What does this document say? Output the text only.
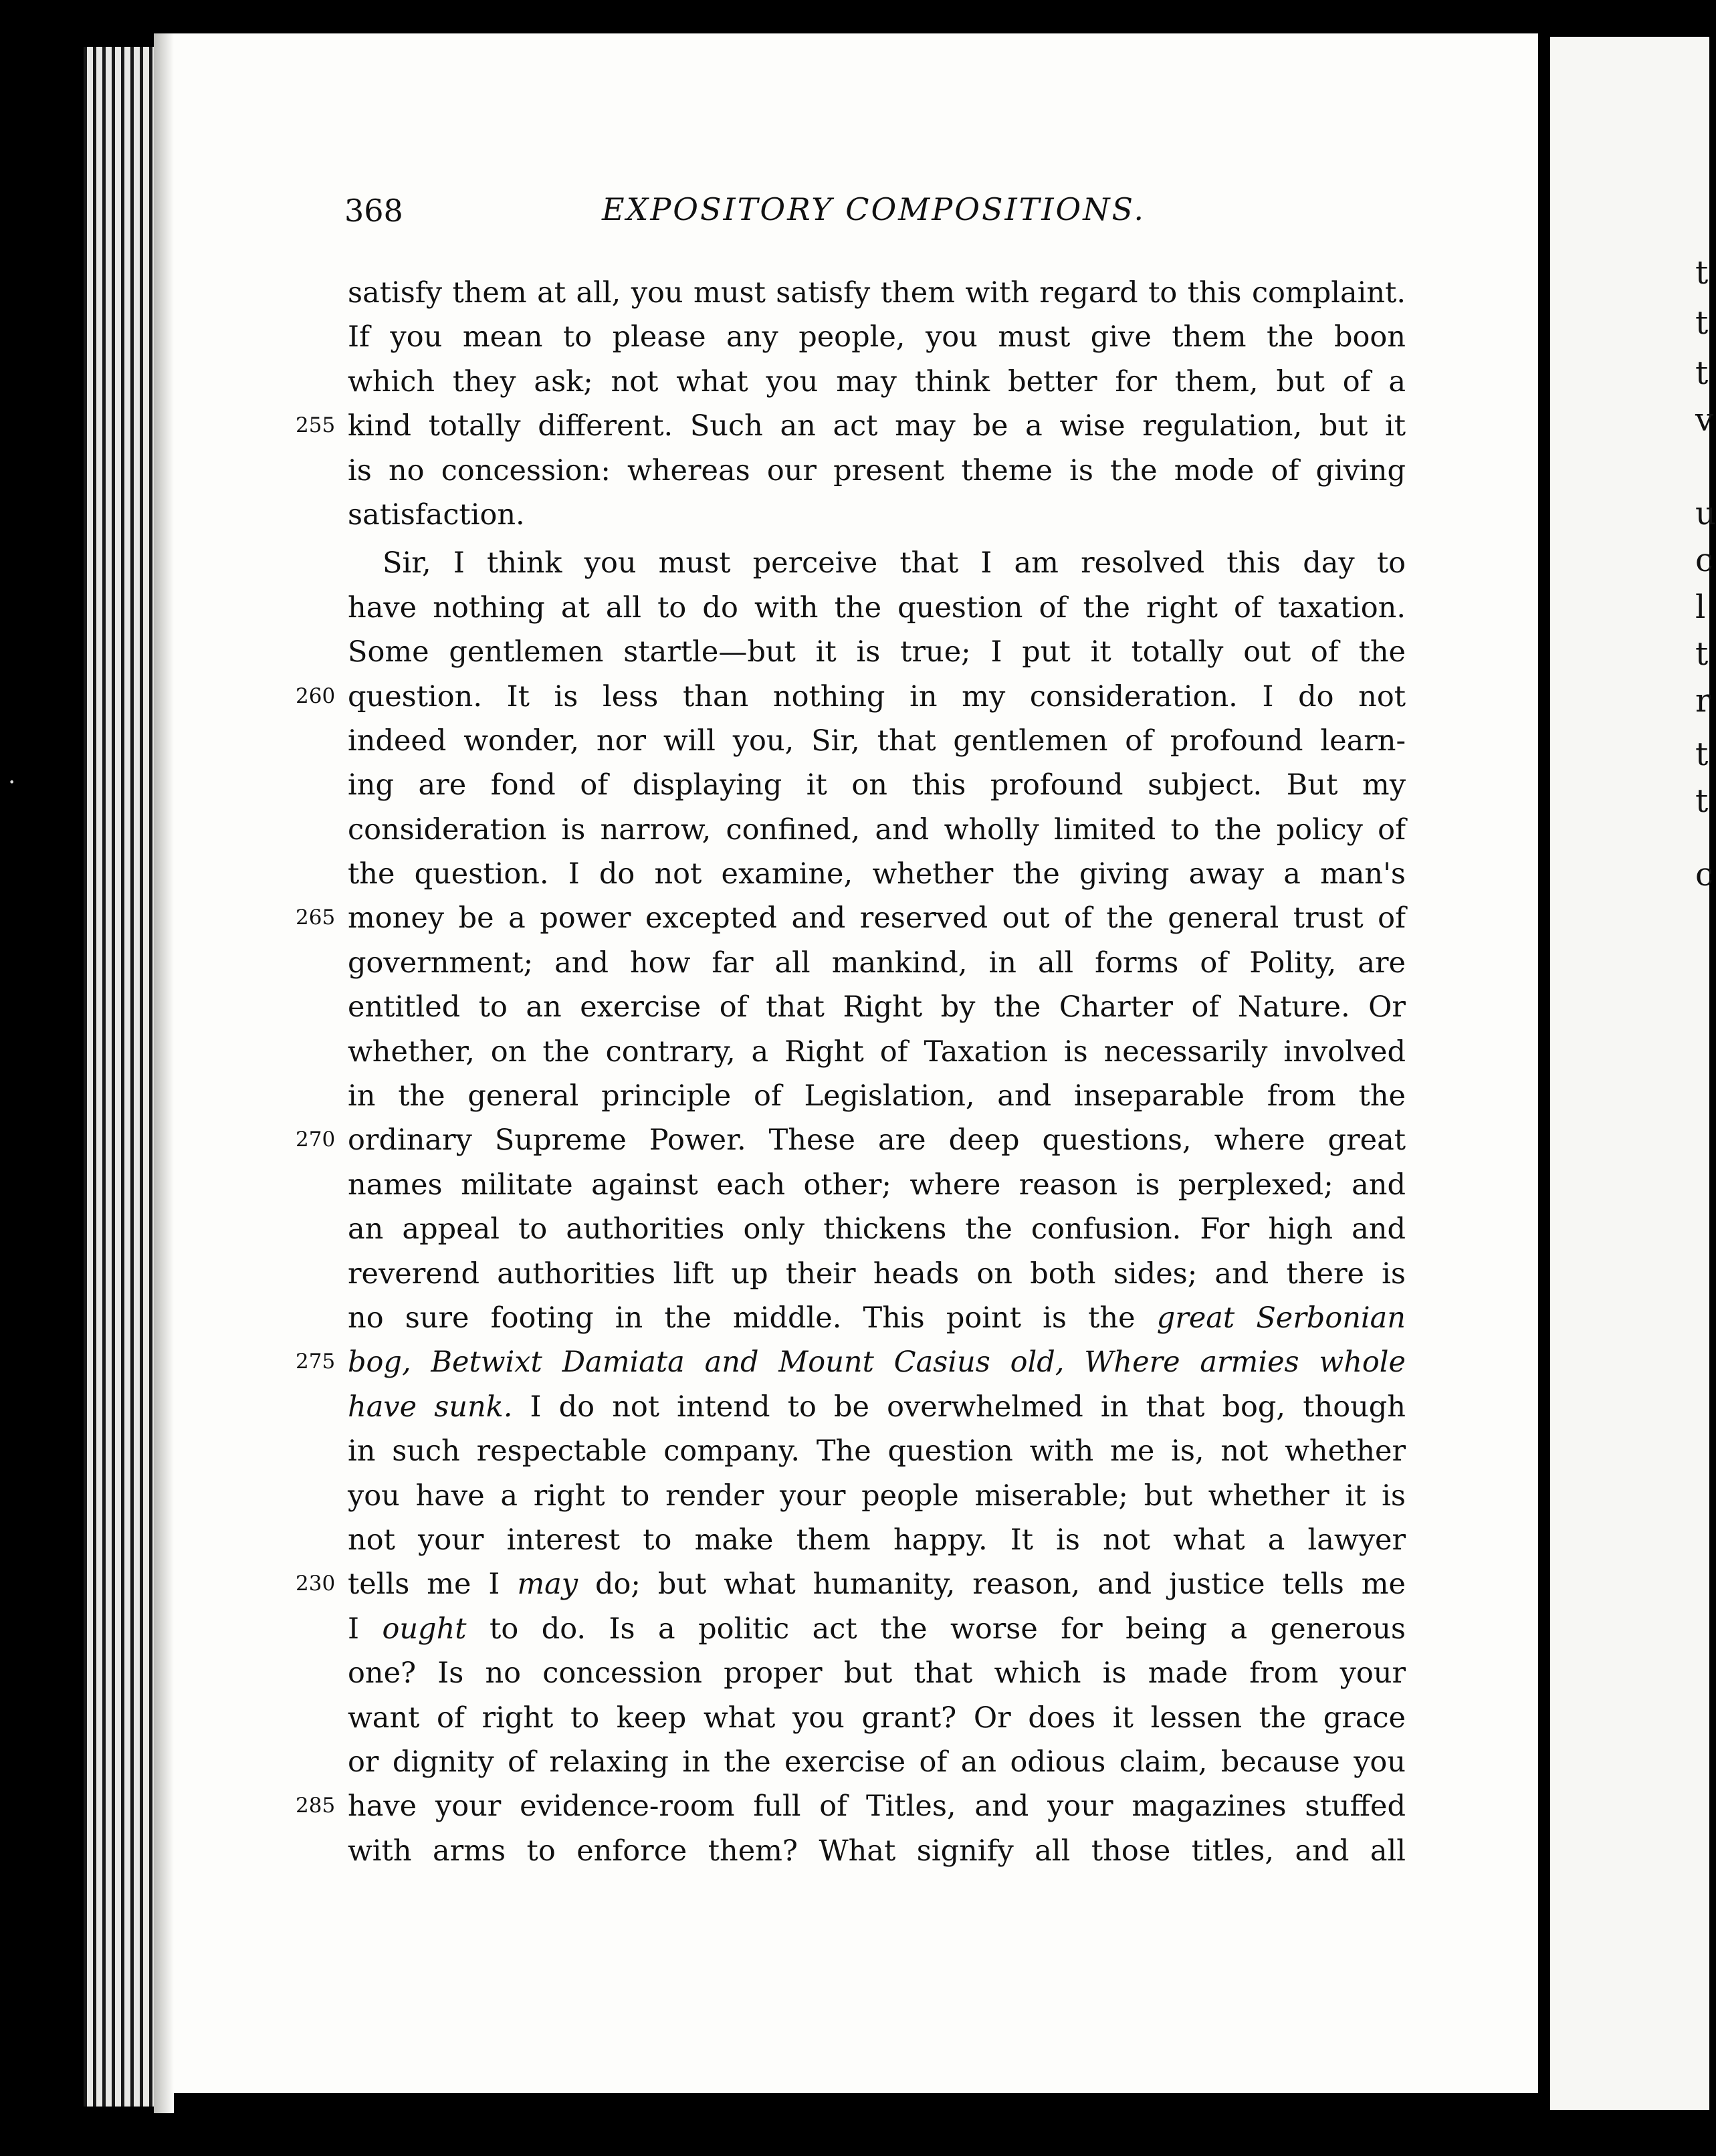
t
t
t
v
u
c
l
t
r
t
t
c
·
368	EXPOSITORY COMPOSITIONS.
255
260
265
270
275
230
285
satisfy them at all, you must satisfy them with regard to this complaint.
If you mean to please any people, you must give them the boon
which they ask; not what you may think better for them, but of a
kind totally different. Such an act may be a wise regulation, but it
is no concession: whereas our present theme is the mode of giving
satisfaction.
Sir, I think you must perceive that I am resolved this day to
have nothing at all to do with the question of the right of taxation.
Some gentlemen startle—but it is true; I put it totally out of the
question. It is less than nothing in my consideration. I do not
indeed wonder, nor will you, Sir, that gentlemen of profound learn-
ing are fond of displaying it on this profound subject. But my
consideration is narrow, confined, and wholly limited to the policy of
the question. I do not examine, whether the giving away a man's
money be a power excepted and reserved out of the general trust of
government; and how far all mankind, in all forms of Polity, are
entitled to an exercise of that Right by the Charter of Nature. Or
whether, on the contrary, a Right of Taxation is necessarily involved
in the general principle of Legislation, and inseparable from the
ordinary Supreme Power. These are deep questions, where great
names militate against each other; where reason is perplexed; and
an appeal to authorities only thickens the confusion. For high and
reverend authorities lift up their heads on both sides; and there is
no sure footing in the middle. This point is the great Serbonian
bog, Betwixt Damiata and Mount Casius old, Where armies whole
have sunk. I do not intend to be overwhelmed in that bog, though
in such respectable company. The question with me is, not whether
you have a right to render your people miserable; but whether it is
not your interest to make them happy. It is not what a lawyer
tells me I may do; but what humanity, reason, and justice tells me
I ought to do. Is a politic act the worse for being a generous
one? Is no concession proper but that which is made from your
want of right to keep what you grant? Or does it lessen the grace
or dignity of relaxing in the exercise of an odious claim, because you
have your evidence-room full of Titles, and your magazines stuffed
with arms to enforce them? What signify all those titles, and all
